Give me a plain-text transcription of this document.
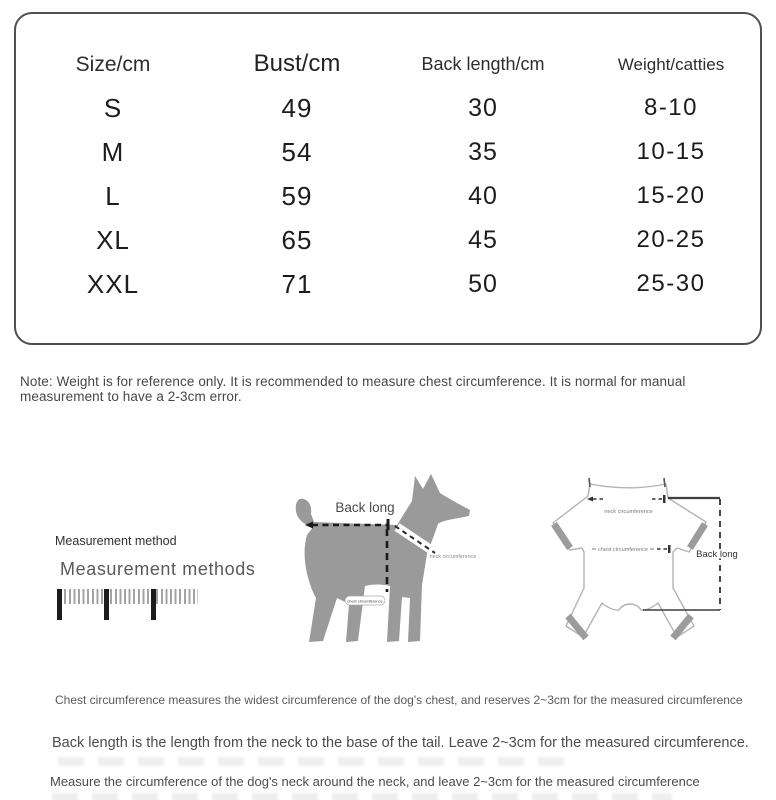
Size/cm	Bust/cm	Back length/cm	Weight/catties
S	49	30	8-10
M	54	35	10-15
L	59	40	15-20
XL	65	45	20-25
XXL	71	50	25-30
Note: Weight is for reference only. It is recommended to measure chest circumference. It is normal for manual measurement to have a 2-3cm error.
Measurement method
Measurement methods
Back long
neck circumference
chest circumference
neck circumference
chest circumference	Back long
Chest circumference measures the widest circumference of the dog's chest, and reserves 2~3cm for the measured circumference
Back length is the length from the neck to the base of the tail. Leave 2~3cm for the measured circumference.
Measure the circumference of the dog's neck around the neck, and leave 2~3cm for the measured circumference
